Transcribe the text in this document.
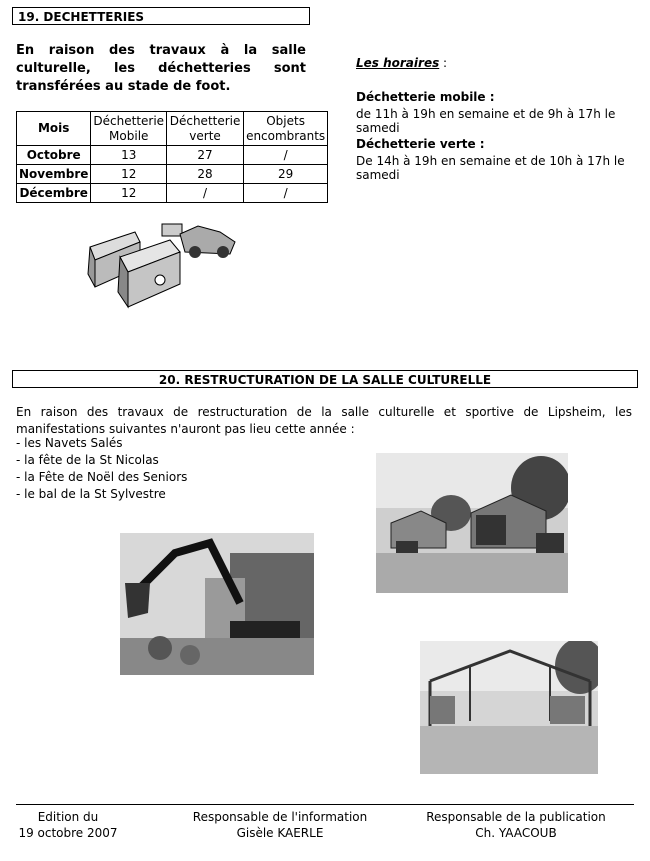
19. DECHETTERIES
En raison des travaux à la salle culturelle, les déchetteries sont transférées au stade de foot.
Mois	Déchetterie Mobile	Déchetterie verte	Objets encombrants
Octobre	13	27	/
Novembre	12	28	29
Décembre	12	/	/
Les horaires :
Déchetterie mobile :
de 11h à 19h en semaine et de 9h à 17h le samedi
Déchetterie verte :
De 14h à 19h en semaine et de 10h à 17h le samedi
20. RESTRUCTURATION DE LA SALLE CULTURELLE
En raison des travaux de restructuration de la salle culturelle et sportive de Lipsheim, les manifestations suivantes n'auront pas lieu cette année :
- les Navets Salés
- la fête de la St Nicolas
- la Fête de Noël des Seniors
- le bal de la St Sylvestre
Edition du
19 octobre 2007
Responsable de l'information
Gisèle KAERLE
Responsable de la publication
Ch. YAACOUB
